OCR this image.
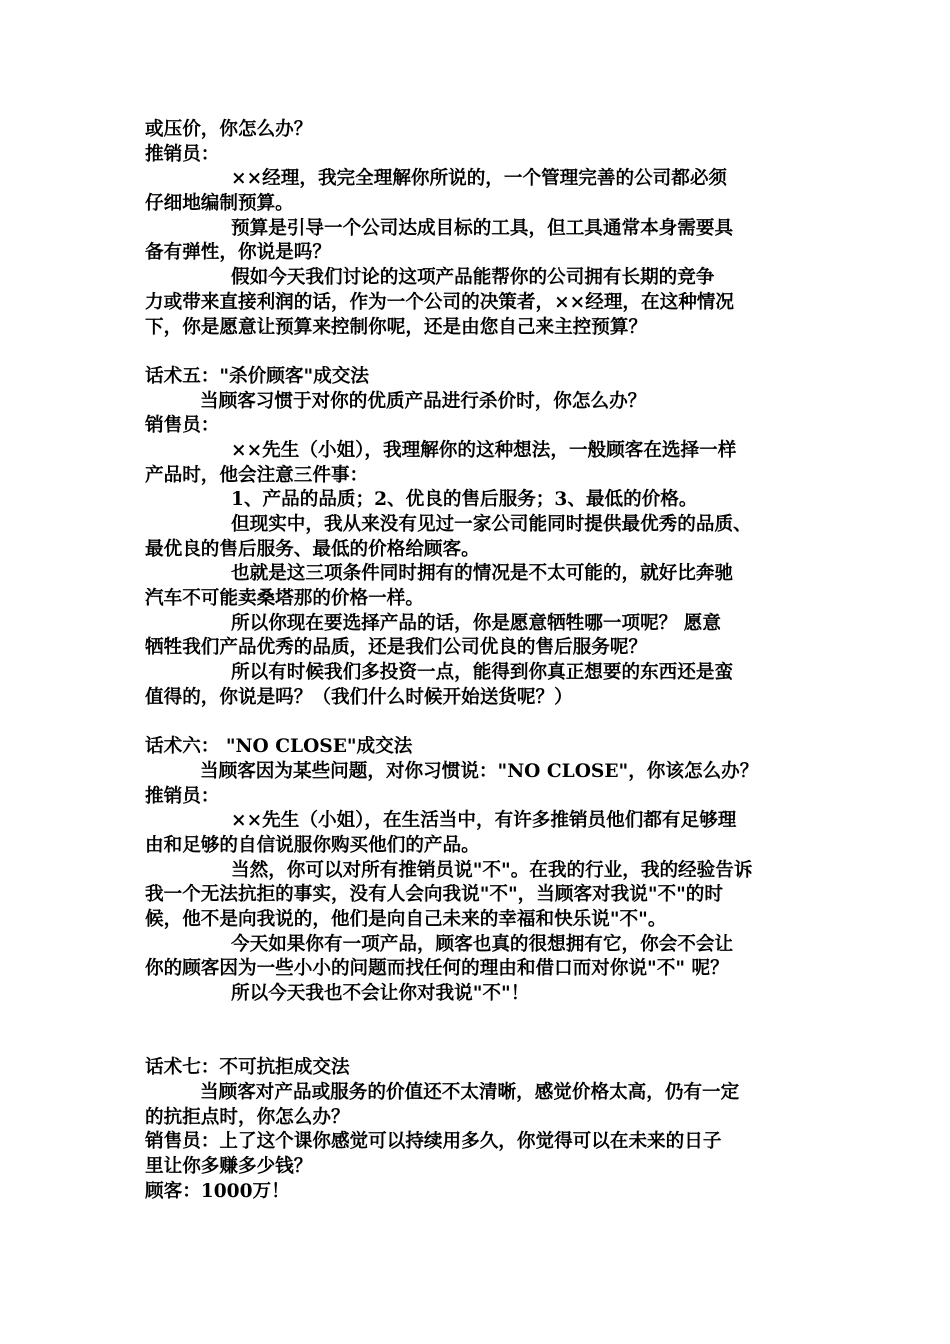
或压价，你怎么办？
推销员：
××经理，我完全理解你所说的，一个管理完善的公司都必须
仔细地编制预算。
预算是引导一个公司达成目标的工具，但工具通常本身需要具
备有弹性，你说是吗？
假如今天我们讨论的这项产品能帮你的公司拥有长期的竞争
力或带来直接利润的话，作为一个公司的决策者，××经理，在这种情况
下，你是愿意让预算来控制你呢，还是由您自己来主控预算？
话术五："杀价顾客"成交法
当顾客习惯于对你的优质产品进行杀价时，你怎么办？
销售员：
××先生（小姐），我理解你的这种想法，一般顾客在选择一样
产品时，他会注意三件事：
1、产品的品质；2、优良的售后服务；3、最低的价格。
但现实中，我从来没有见过一家公司能同时提供最优秀的品质、
最优良的售后服务、最低的价格给顾客。
也就是这三项条件同时拥有的情况是不太可能的，就好比奔驰
汽车不可能卖桑塔那的价格一样。
所以你现在要选择产品的话，你是愿意牺牲哪一项呢？ 愿意
牺牲我们产品优秀的品质，还是我们公司优良的售后服务呢？
所以有时候我们多投资一点，能得到你真正想要的东西还是蛮
值得的，你说是吗？（我们什么时候开始送货呢？）
话术六： "NO CLOSE"成交法
当顾客因为某些问题，对你习惯说："NO CLOSE"，你该怎么办？
推销员：
××先生（小姐），在生活当中，有许多推销员他们都有足够理
由和足够的自信说服你购买他们的产品。
当然，你可以对所有推销员说"不"。在我的行业，我的经验告诉
我一个无法抗拒的事实，没有人会向我说"不"，当顾客对我说"不"的时
候，他不是向我说的，他们是向自己未来的幸福和快乐说"不"。
今天如果你有一项产品，顾客也真的很想拥有它，你会不会让
你的顾客因为一些小小的问题而找任何的理由和借口而对你说"不" 呢？
所以今天我也不会让你对我说"不"！
话术七：不可抗拒成交法
当顾客对产品或服务的价值还不太清晰，感觉价格太高，仍有一定
的抗拒点时，你怎么办？
销售员：上了这个课你感觉可以持续用多久，你觉得可以在未来的日子
里让你多赚多少钱？
顾客：1000万！
